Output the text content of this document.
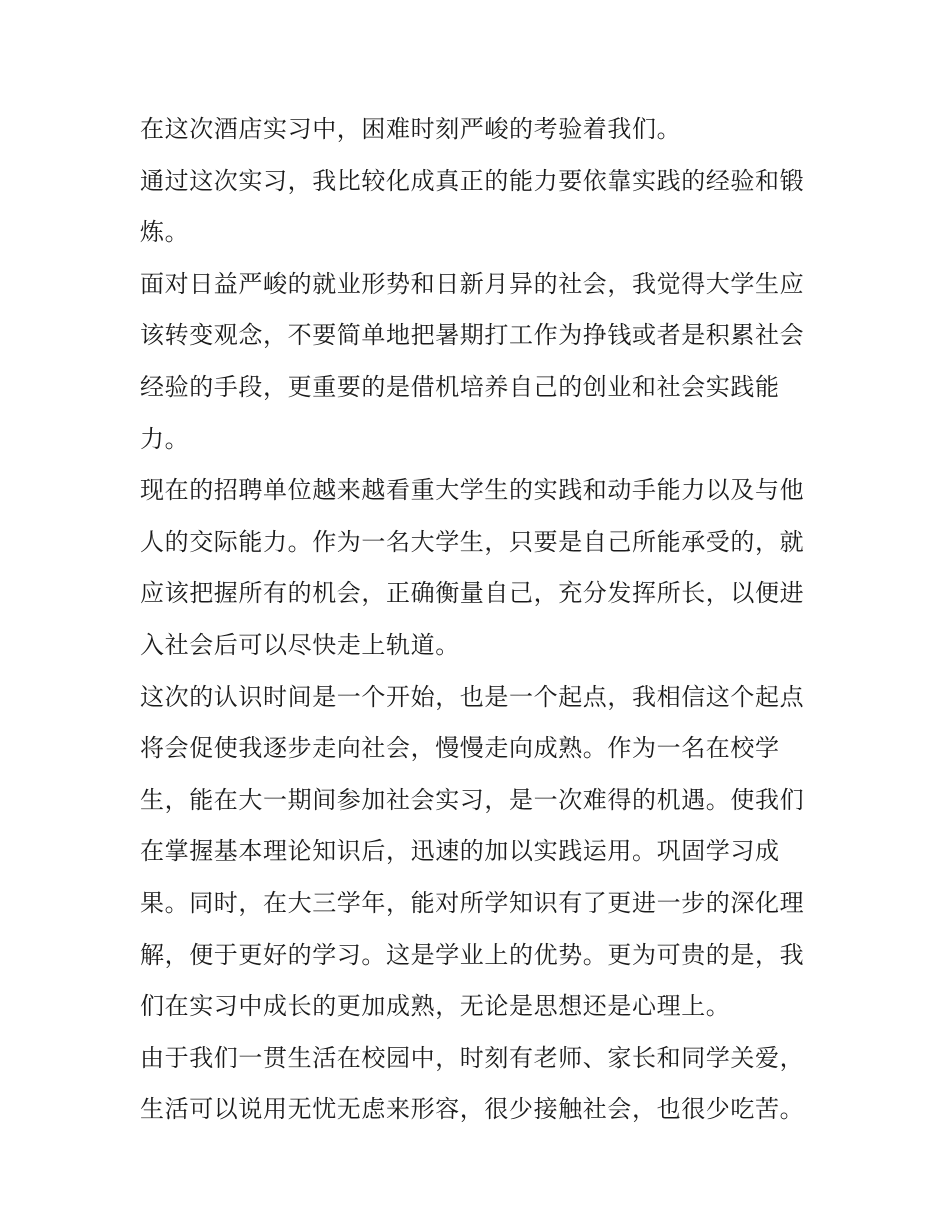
在这次酒店实习中，困难时刻严峻的考验着我们。
通过这次实习，我比较化成真正的能力要依靠实践的经验和锻
炼。
面对日益严峻的就业形势和日新月异的社会，我觉得大学生应
该转变观念，不要简单地把暑期打工作为挣钱或者是积累社会
经验的手段，更重要的是借机培养自己的创业和社会实践能
力。
现在的招聘单位越来越看重大学生的实践和动手能力以及与他
人的交际能力。作为一名大学生，只要是自己所能承受的，就
应该把握所有的机会，正确衡量自己，充分发挥所长，以便进
入社会后可以尽快走上轨道。
这次的认识时间是一个开始，也是一个起点，我相信这个起点
将会促使我逐步走向社会，慢慢走向成熟。作为一名在校学
生，能在大一期间参加社会实习，是一次难得的机遇。使我们
在掌握基本理论知识后，迅速的加以实践运用。巩固学习成
果。同时，在大三学年，能对所学知识有了更进一步的深化理
解，便于更好的学习。这是学业上的优势。更为可贵的是，我
们在实习中成长的更加成熟，无论是思想还是心理上。
由于我们一贯生活在校园中，时刻有老师、家长和同学关爱，
生活可以说用无忧无虑来形容，很少接触社会，也很少吃苦。
